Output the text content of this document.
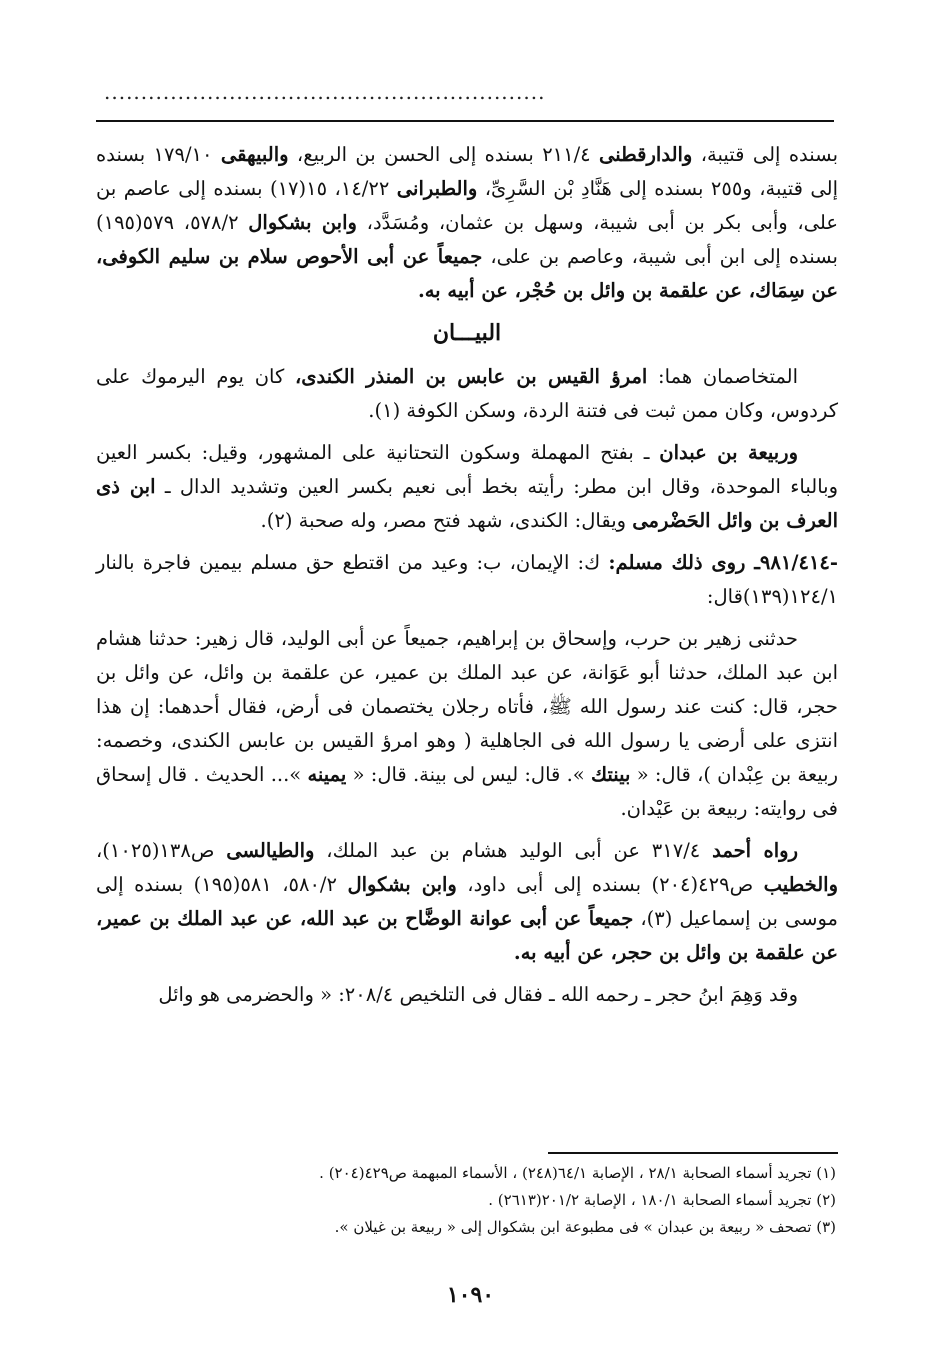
............................................................

بسنده إلى قتيبة، والدارقطنى ٢١١/٤ بسنده إلى الحسن بن الربيع، والبيهقى ١٧٩/١٠ بسنده إلى قتيبة، و٢٥٥ بسنده إلى هَنَّادِ بْن السَّرِىِّ، والطبرانى ١٤/٢٢، ١٥(١٧) بسنده إلى عاصم بن على، وأبى بكر بن أبى شيبة، وسهل بن عثمان، ومُسَدَّد، وابن بشكوال ٥٧٨/٢، ٥٧٩(١٩٥) بسنده إلى ابن أبى شيبة، وعاصم بن على، جميعاً عن أبى الأحوص سلام بن سليم الكوفى، عن سِمَاك، عن علقمة بن وائل بن حُجْر، عن أبيه به.

البيـــان

المتخاصمان هما: امرؤ القيس بن عابس بن المنذر الكندى، كان يوم اليرموك على كردوس، وكان ممن ثبت فى فتنة الردة، وسكن الكوفة (١).

وربيعة بن عبدان ـ بفتح المهملة وسكون التحتانية على المشهور، وقيل: بكسر العين وبالباء الموحدة، وقال ابن مطر: رأيته بخط أبى نعيم بكسر العين وتشديد الدال ـ ابن ذى العرف بن وائل الحَضْرمى ويقال: الكندى، شهد فتح مصر، وله صحبة (٢).

-٩٨١/٤١٤ـ روى ذلك مسلم: ك: الإيمان، ب: وعيد من اقتطع حق مسلم بيمين فاجرة بالنار ١٢٤/١(١٣٩)قال:

حدثنى زهير بن حرب، وإسحاق بن إبراهيم، جميعاً عن أبى الوليد، قال زهير: حدثنا هشام ابن عبد الملك، حدثنا أبو عَوَانة، عن عبد الملك بن عمير، عن علقمة بن وائل، عن وائل بن حجر، قال: كنت عند رسول الله ﷺ، فأتاه رجلان يختصمان فى أرض، فقال أحدهما: إن هذا انتزى على أرضى يا رسول الله فى الجاهلية ( وهو امرؤ القيس بن عابس الكندى، وخصمه: ربيعة بن عِبْدان )، قال: « بينتك ». قال: ليس لى بينة. قال: « يمينه »... الحديث . قال إسحاق فى روايته: ربيعة بن عَيْدان.

رواه أحمد ٣١٧/٤ عن أبى الوليد هشام بن عبد الملك، والطيالسى ص١٣٨(١٠٢٥)، والخطيب ص٤٢٩(٢٠٤) بسنده إلى أبى داود، وابن بشكوال ٥٨٠/٢، ٥٨١(١٩٥) بسنده إلى موسى بن إسماعيل (٣)، جميعاً عن أبى عوانة الوضَّاح بن عبد الله، عن عبد الملك بن عمير، عن علقمة بن وائل بن حجر، عن أبيه به.

وقد وَهِمَ ابنُ حجر ـ رحمه الله ـ فقال فى التلخيص ٢٠٨/٤: « والحضرمى هو وائل

(١) تجريد أسماء الصحابة ٢٨/١ ، الإصابة ٦٤/١(٢٤٨) ، الأسماء المبهمة ص٤٢٩(٢٠٤) .
(٢) تجريد أسماء الصحابة ١٨٠/١ ، الإصابة ٢٠١/٢(٢٦١٣) .
(٣) تصحف « ربيعة بن عبدان » فى مطبوعة ابن بشكوال إلى « ربيعة بن غيلان ».
١٠٩٠
